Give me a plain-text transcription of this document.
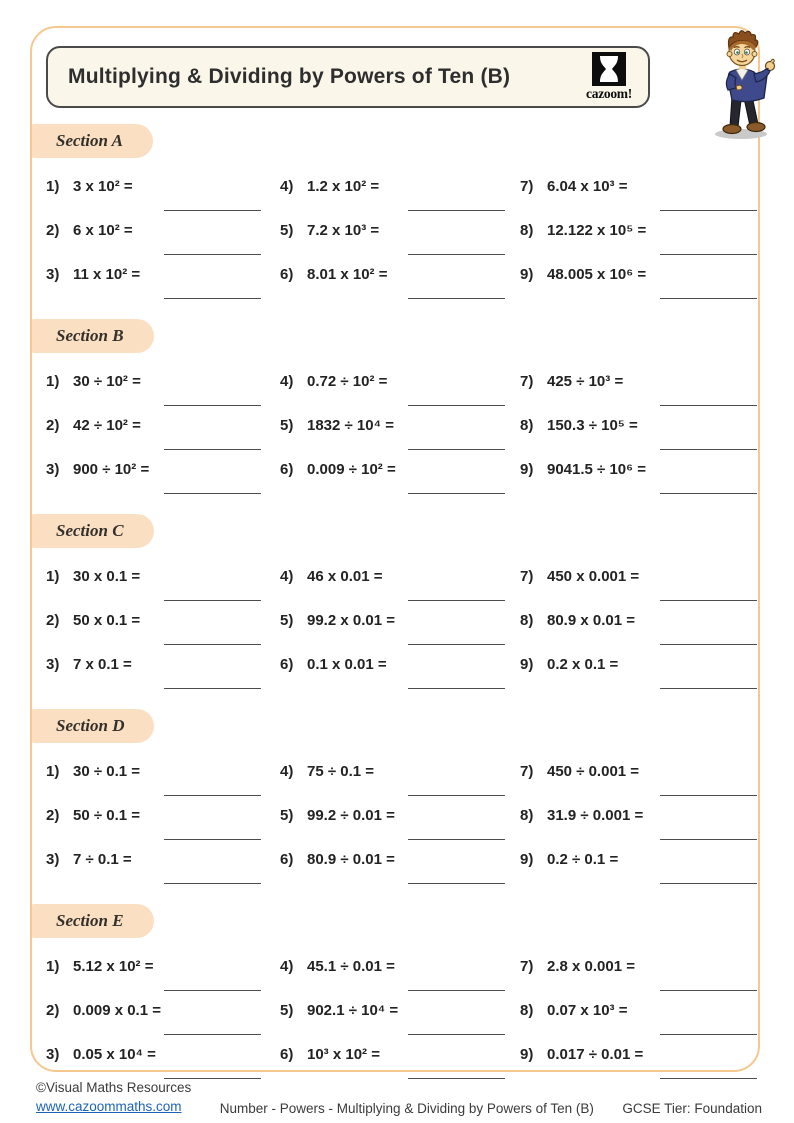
Multiplying & Dividing by Powers of Ten (B)
cazoom!
Section A
1) 3 x 10² =
2) 6 x 10² =
3) 11 x 10² =
4) 1.2 x 10² =
5) 7.2 x 10³ =
6) 8.01 x 10² =
7) 6.04 x 10³ =
8) 12.122 x 10⁵ =
9) 48.005 x 10⁶ =
Section B
1) 30 ÷ 10² =
2) 42 ÷ 10² =
3) 900 ÷ 10² =
4) 0.72 ÷ 10² =
5) 1832 ÷ 10⁴ =
6) 0.009 ÷ 10² =
7) 425 ÷ 10³ =
8) 150.3 ÷ 10⁵ =
9) 9041.5 ÷ 10⁶ =
Section C
1) 30 x 0.1 =
2) 50 x 0.1 =
3) 7 x 0.1 =
4) 46 x 0.01 =
5) 99.2 x 0.01 =
6) 0.1 x 0.01 =
7) 450 x 0.001 =
8) 80.9 x 0.01 =
9) 0.2 x 0.1 =
Section D
1) 30 ÷ 0.1 =
2) 50 ÷ 0.1 =
3) 7 ÷ 0.1 =
4) 75 ÷ 0.1 =
5) 99.2 ÷ 0.01 =
6) 80.9 ÷ 0.01 =
7) 450 ÷ 0.001 =
8) 31.9 ÷ 0.001 =
9) 0.2 ÷ 0.1 =
Section E
1) 5.12 x 10² =
2) 0.009 x 0.1 =
3) 0.05 x 10⁴ =
4) 45.1 ÷ 0.01 =
5) 902.1 ÷ 10⁴ =
6) 10³ x 10² =
7) 2.8 x 0.001 =
8) 0.07 x 10³ =
9) 0.017 ÷ 0.01 =
©Visual Maths Resources
www.cazoommaths.com	Number - Powers - Multiplying & Dividing by Powers of Ten (B) GCSE Tier: Foundation
